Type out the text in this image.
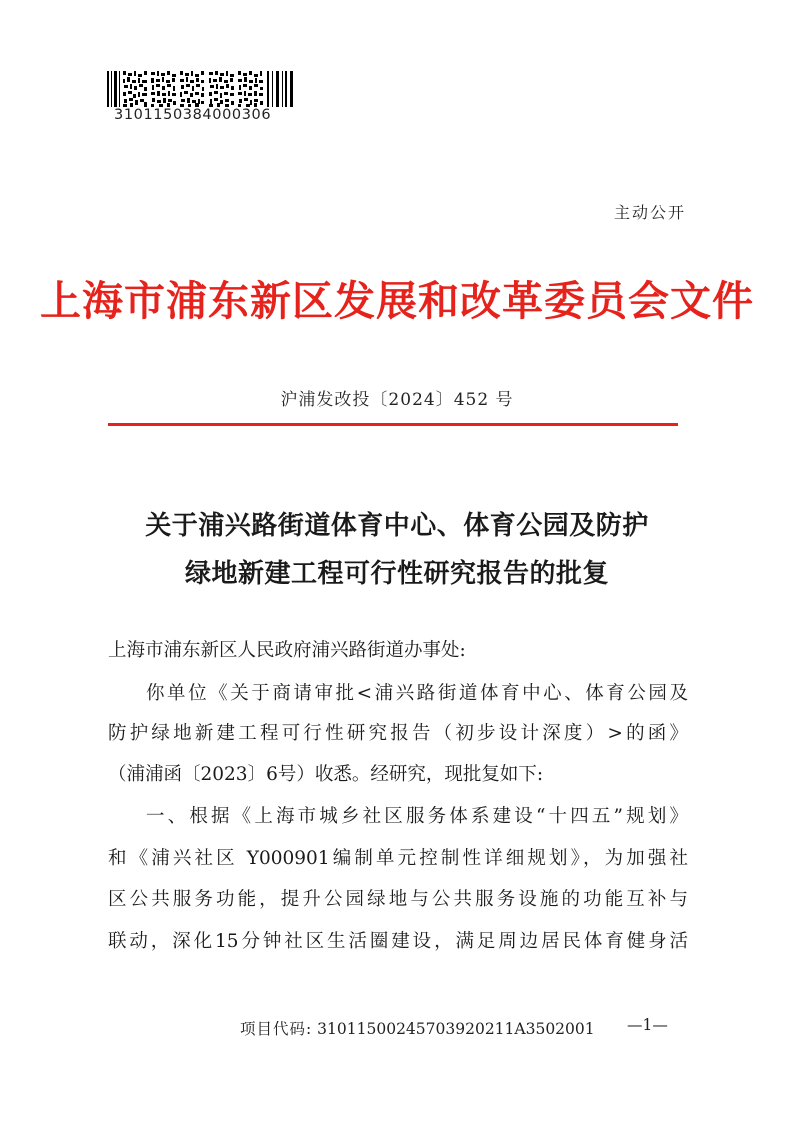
3101150384000306
主动公开
上海市浦东新区发展和改革委员会文件
沪浦发改投〔2024〕452 号
关于浦兴路街道体育中心、体育公园及防护
绿地新建工程可行性研究报告的批复
上海市浦东新区人民政府浦兴路街道办事处:
你单位《关于商请审批<浦兴路街道体育中心、体育公园及
防护绿地新建工程可行性研究报告（初步设计深度）>的函》
（浦浦函〔2023〕6号）收悉。经研究，现批复如下:
一、根据《上海市城乡社区服务体系建设“十四五”规划》
和《浦兴社区 Y000901编制单元控制性详细规划》，为加强社
区公共服务功能，提升公园绿地与公共服务设施的功能互补与
联动，深化15分钟社区生活圈建设，满足周边居民体育健身活
项目代码: 31011500245703920211A3502001 —1—
